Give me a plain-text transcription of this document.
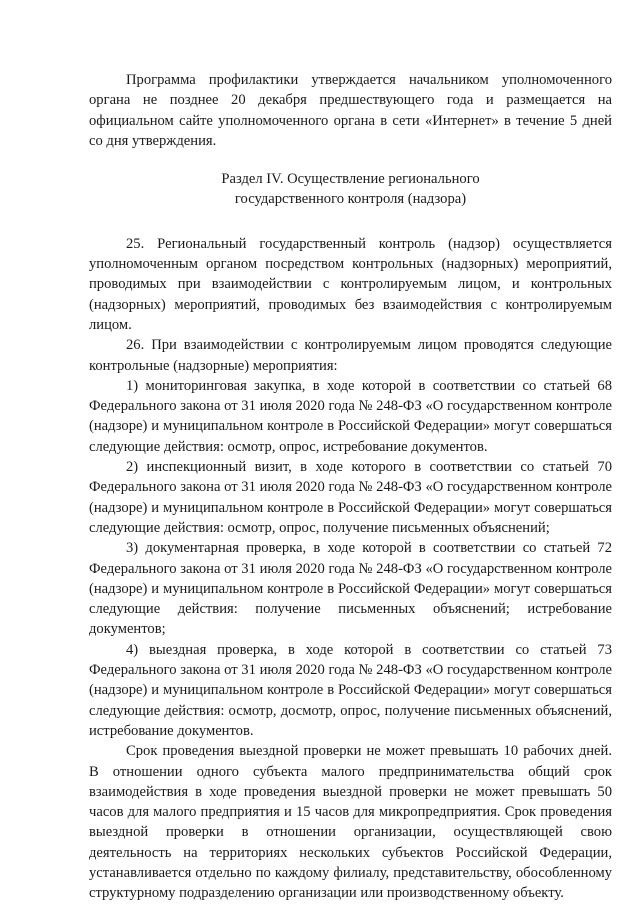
Программа профилактики утверждается начальником уполномоченного органа не позднее 20 декабря предшествующего года и размещается на официальном сайте уполномоченного органа в сети «Интернет» в течение 5 дней со дня утверждения.

Раздел IV. Осуществление регионального

государственного контроля (надзора)

25. Региональный государственный контроль (надзор) осуществляется уполномоченным органом посредством контрольных (надзорных) мероприятий, проводимых при взаимодействии с контролируемым лицом, и контрольных (надзорных) мероприятий, проводимых без взаимодействия с контролируемым лицом.

26. При взаимодействии с контролируемым лицом проводятся следующие контрольные (надзорные) мероприятия:

1) мониторинговая закупка, в ходе которой в соответствии со статьей 68 Федерального закона от 31 июля 2020 года № 248-ФЗ «О государственном контроле (надзоре) и муниципальном контроле в Российской Федерации» могут совершаться следующие действия: осмотр, опрос, истребование документов.

2) инспекционный визит, в ходе которого в соответствии со статьей 70 Федерального закона от 31 июля 2020 года № 248-ФЗ «О государственном контроле (надзоре) и муниципальном контроле в Российской Федерации» могут совершаться следующие действия: осмотр, опрос, получение письменных объяснений;

3) документарная проверка, в ходе которой в соответствии со статьей 72 Федерального закона от 31 июля 2020 года № 248-ФЗ «О государственном контроле (надзоре) и муниципальном контроле в Российской Федерации» могут совершаться следующие действия: получение письменных объяснений; истребование документов;

4) выездная проверка, в ходе которой в соответствии со статьей 73 Федерального закона от 31 июля 2020 года № 248-ФЗ «О государственном контроле (надзоре) и муниципальном контроле в Российской Федерации» могут совершаться следующие действия: осмотр, досмотр, опрос, получение письменных объяснений, истребование документов.

Срок проведения выездной проверки не может превышать 10 рабочих дней. В отношении одного субъекта малого предпринимательства общий срок взаимодействия в ходе проведения выездной проверки не может превышать 50 часов для малого предприятия и 15 часов для микропредприятия. Срок проведения выездной проверки в отношении организации, осуществляющей свою деятельность на территориях нескольких субъектов Российской Федерации, устанавливается отдельно по каждому филиалу, представительству, обособленному структурному подразделению организации или производственному объекту.
